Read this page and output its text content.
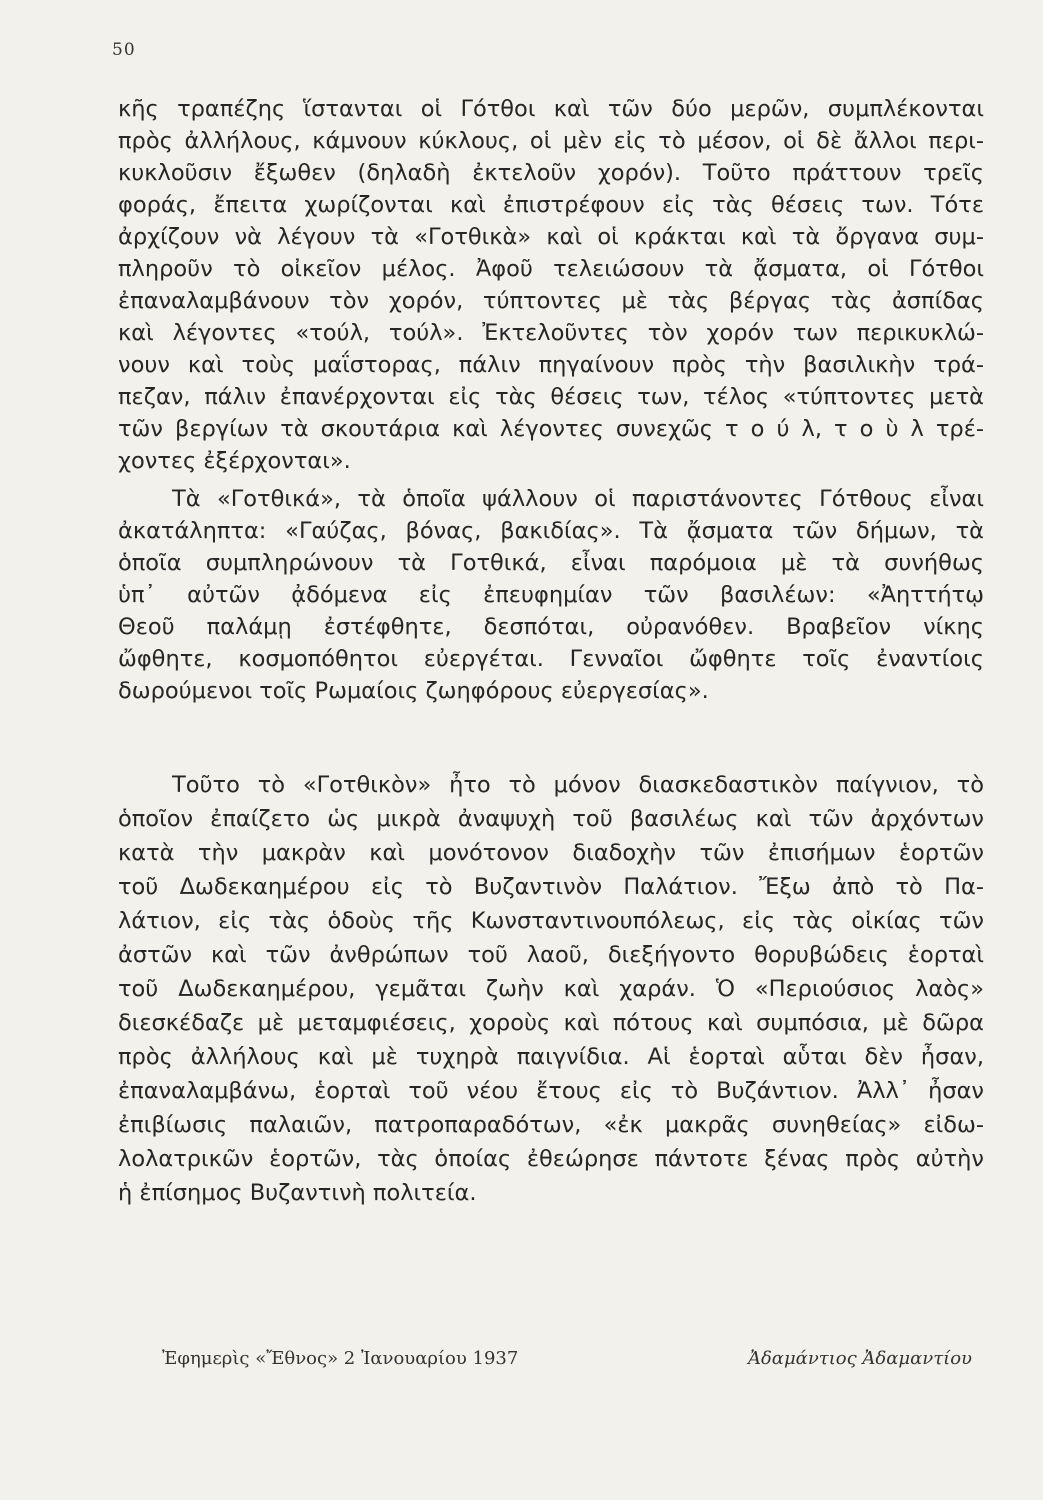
50
κῆς τραπέζης ἵστανται οἱ Γότθοι καὶ τῶν δύο μερῶν, συμπλέκονται
πρὸς ἀλλήλους, κάμνουν κύκλους, οἱ μὲν εἰς τὸ μέσον, οἱ δὲ ἄλλοι περι-
κυκλοῦσιν ἔξωθεν (δηλαδὴ ἐκτελοῦν χορόν). Τοῦτο πράττουν τρεῖς
φοράς, ἔπειτα χωρίζονται καὶ ἐπιστρέφουν εἰς τὰς θέσεις των. Τότε
ἀρχίζουν νὰ λέγουν τὰ «Γοτθικὰ» καὶ οἱ κράκται καὶ τὰ ὄργανα συμ-
πληροῦν τὸ οἰκεῖον μέλος. Ἀφοῦ τελειώσουν τὰ ᾄσματα, οἱ Γότθοι
ἐπαναλαμβάνουν τὸν χορόν, τύπτοντες μὲ τὰς βέργας τὰς ἀσπίδας
καὶ λέγοντες «τούλ, τούλ». Ἐκτελοῦντες τὸν χορόν των περικυκλώ-
νουν καὶ τοὺς μαΐστορας, πάλιν πηγαίνουν πρὸς τὴν βασιλικὴν τρά-
πεζαν, πάλιν ἐπανέρχονται εἰς τὰς θέσεις των, τέλος «τύπτοντες μετὰ
τῶν βεργίων τὰ σκουτάρια καὶ λέγοντες συνεχῶς τ ο ύ λ, τ ο ὺ λ τρέ-
χοντες ἐξέρχονται».
Τὰ «Γοτθικά», τὰ ὁποῖα ψάλλουν οἱ παριστάνοντες Γότθους εἶναι
ἀκατάληπτα: «Γαύζας, βόνας, βακιδίας». Τὰ ᾄσματα τῶν δήμων, τὰ
ὁποῖα συμπληρώνουν τὰ Γοτθικά, εἶναι παρόμοια μὲ τὰ συνήθως
ὑπ᾽ αὐτῶν ᾀδόμενα εἰς ἐπευφημίαν τῶν βασιλέων: «Ἀηττήτῳ
Θεοῦ παλάμῃ ἐστέφθητε, δεσπόται, οὐρανόθεν. Βραβεῖον νίκης
ὤφθητε, κοσμοπόθητοι εὐεργέται. Γενναῖοι ὤφθητε τοῖς ἐναντίοις
δωρούμενοι τοῖς Ρωμαίοις ζωηφόρους εὐεργεσίας».
Τοῦτο τὸ «Γοτθικὸν» ἦτο τὸ μόνον διασκεδαστικὸν παίγνιον, τὸ
ὁποῖον ἐπαίζετο ὡς μικρὰ ἀναψυχὴ τοῦ βασιλέως καὶ τῶν ἀρχόντων
κατὰ τὴν μακρὰν καὶ μονότονον διαδοχὴν τῶν ἐπισήμων ἑορτῶν
τοῦ Δωδεκαημέρου εἰς τὸ Βυζαντινὸν Παλάτιον. Ἔξω ἀπὸ τὸ Πα-
λάτιον, εἰς τὰς ὁδοὺς τῆς Κωνσταντινουπόλεως, εἰς τὰς οἰκίας τῶν
ἀστῶν καὶ τῶν ἀνθρώπων τοῦ λαοῦ, διεξήγοντο θορυβώδεις ἑορταὶ
τοῦ Δωδεκαημέρου, γεμᾶται ζωὴν καὶ χαράν. Ὁ «Περιούσιος λαὸς»
διεσκέδαζε μὲ μεταμφιέσεις, χοροὺς καὶ πότους καὶ συμπόσια, μὲ δῶρα
πρὸς ἀλλήλους καὶ μὲ τυχηρὰ παιγνίδια. Αἱ ἑορταὶ αὗται δὲν ἦσαν,
ἐπαναλαμβάνω, ἑορταὶ τοῦ νέου ἔτους εἰς τὸ Βυζάντιον. Ἀλλ᾽ ἦσαν
ἐπιβίωσις παλαιῶν, πατροπαραδότων, «ἐκ μακρᾶς συνηθείας» εἰδω-
λολατρικῶν ἑορτῶν, τὰς ὁποίας ἐθεώρησε πάντοτε ξένας πρὸς αὐτὴν
ἡ ἐπίσημος Βυζαντινὴ πολιτεία.
Ἐφημερὶς «Ἔθνος» 2 Ἰανουαρίου 1937	Ἀδαμάντιος Ἀδαμαντίου
